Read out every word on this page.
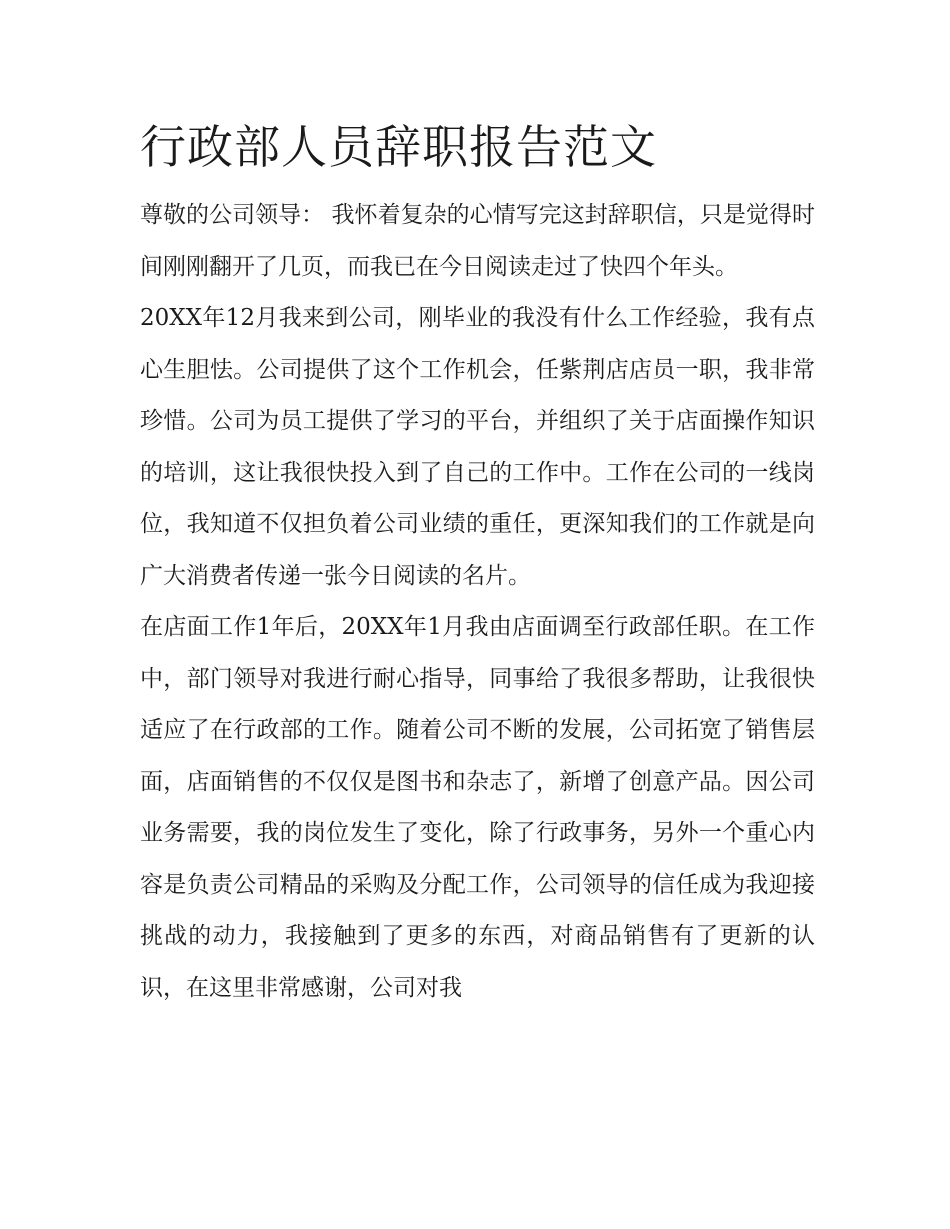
行政部人员辞职报告范文

尊敬的公司领导： 我怀着复杂的心情写完这封辞职信，只是觉得时间刚刚翻开了几页，而我已在今日阅读走过了快四个年头。

20XX年12月我来到公司，刚毕业的我没有什么工作经验，我有点心生胆怯。公司提供了这个工作机会，任紫荆店店员一职，我非常珍惜。公司为员工提供了学习的平台，并组织了关于店面操作知识的培训，这让我很快投入到了自己的工作中。工作在公司的一线岗位，我知道不仅担负着公司业绩的重任，更深知我们的工作就是向广大消费者传递一张今日阅读的名片。

在店面工作1年后，20XX年1月我由店面调至行政部任职。在工作中，部门领导对我进行耐心指导，同事给了我很多帮助，让我很快适应了在行政部的工作。随着公司不断的发展，公司拓宽了销售层面，店面销售的不仅仅是图书和杂志了，新增了创意产品。因公司业务需要，我的岗位发生了变化，除了行政事务，另外一个重心内容是负责公司精品的采购及分配工作，公司领导的信任成为我迎接挑战的动力，我接触到了更多的东西，对商品销售有了更新的认识，在这里非常感谢，公司对我
